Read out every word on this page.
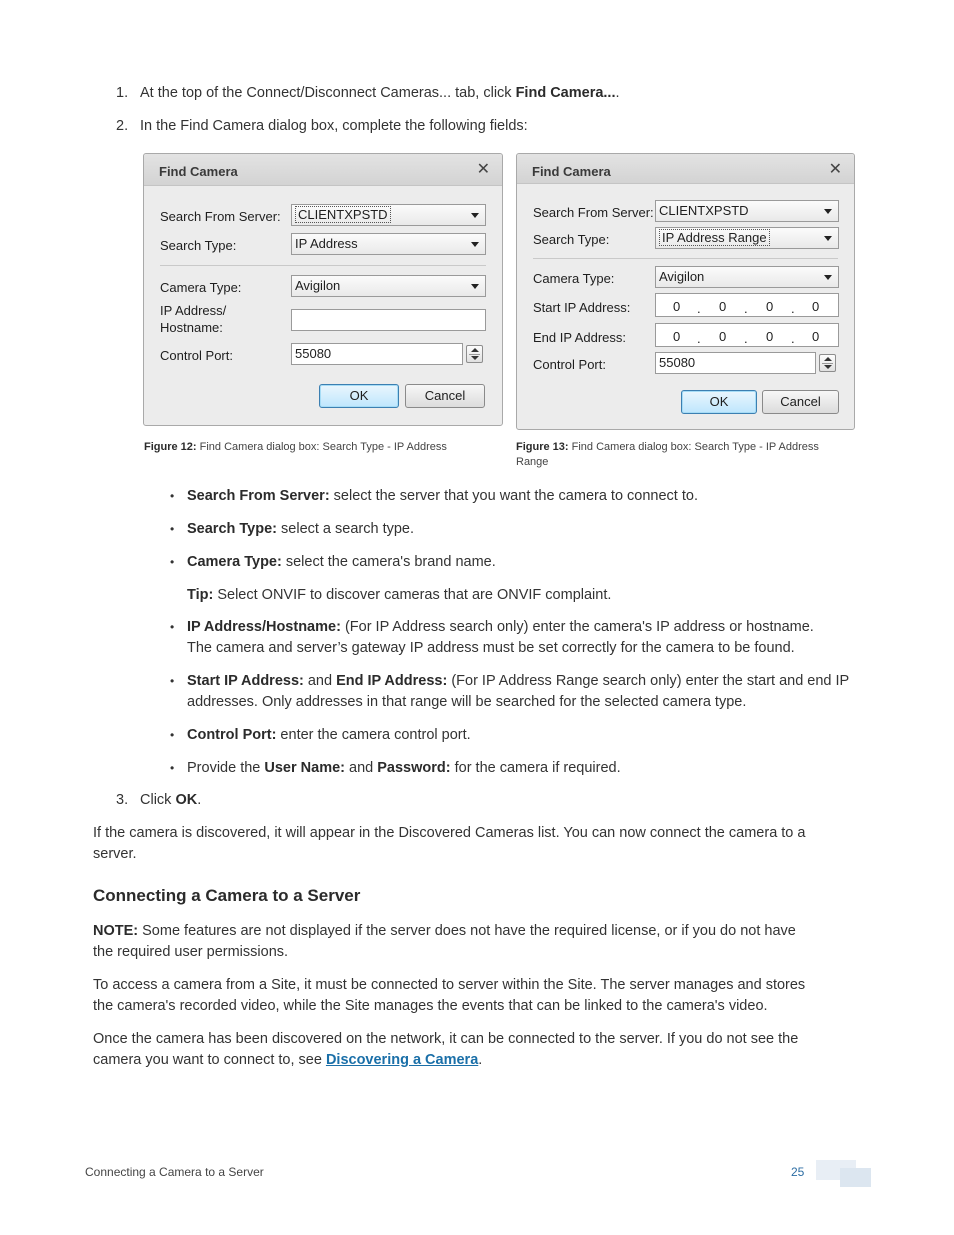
1. At the top of the Connect/Disconnect Cameras... tab, click Find Camera....
2. In the Find Camera dialog box, complete the following fields:
Find Camera	✕
Search From Server:	CLIENTXPSTD
Search Type:	IP Address
Camera Type:	Avigilon
IP Address/
Hostname:
Control Port:	55080
OK	Cancel
Find Camera	✕
Search From Server: CLIENTXPSTD
Search Type:	IP Address Range
Camera Type:	Avigilon
Start IP Address:	0 . 0 . 0 . 0
End IP Address:	0 . 0 . 0 . 0
Control Port:	55080
OK	Cancel
Figure 12: Find Camera dialog box: Search Type - IP Address	Figure 13: Find Camera dialog box: Search Type - IP Address
Range
• Search From Server: select the server that you want the camera to connect to.
• Search Type: select a search type.
• Camera Type: select the camera's brand name.
Tip: Select ONVIF to discover cameras that are ONVIF complaint.
• IP Address/Hostname: (For IP Address search only) enter the camera's IP address or hostname.
The camera and server’s gateway IP address must be set correctly for the camera to be found.
• Start IP Address: and End IP Address: (For IP Address Range search only) enter the start and end IP
addresses. Only addresses in that range will be searched for the selected camera type.
• Control Port: enter the camera control port.
• Provide the User Name: and Password: for the camera if required.
3. Click OK.
If the camera is discovered, it will appear in the Discovered Cameras list. You can now connect the camera to a
server.
Connecting a Camera to a Server
NOTE: Some features are not displayed if the server does not have the required license, or if you do not have
the required user permissions.
To access a camera from a Site, it must be connected to server within the Site. The server manages and stores
the camera's recorded video, while the Site manages the events that can be linked to the camera's video.
Once the camera has been discovered on the network, it can be connected to the server. If you do not see the
camera you want to connect to, see Discovering a Camera.
Connecting a Camera to a Server	25
